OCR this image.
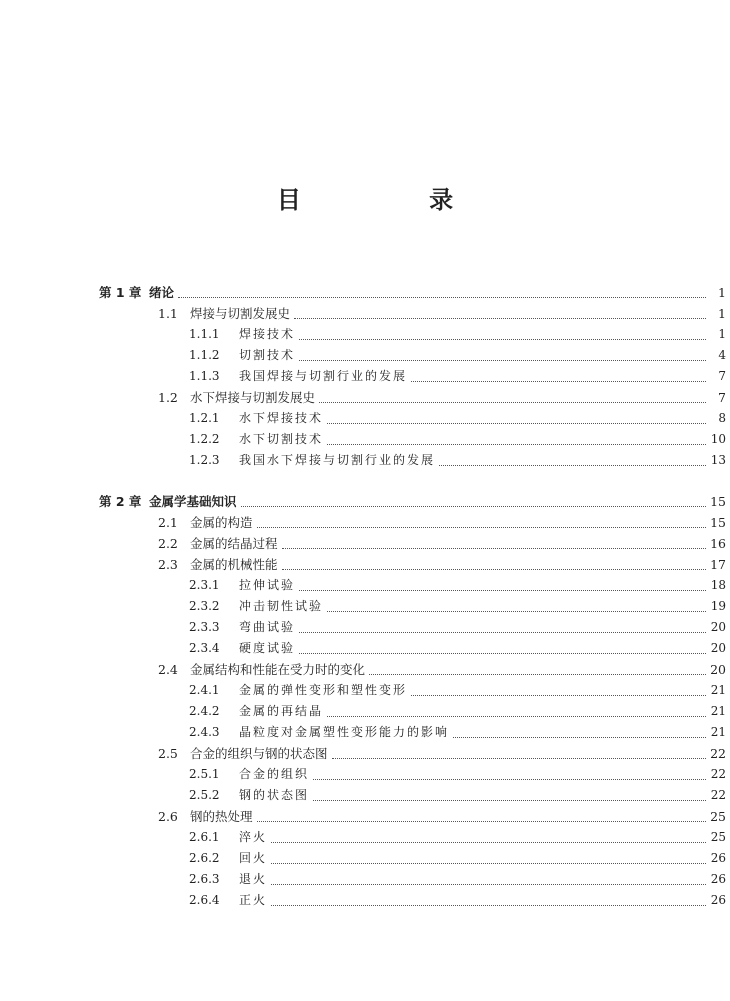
目 录
第 1 章 绪论	1
1.1 焊接与切割发展史	1
1.1.1	焊接技术	1
1.1.2	切割技术	4
1.1.3	我国焊接与切割行业的发展	7
1.2 水下焊接与切割发展史	7
1.2.1	水下焊接技术	8
1.2.2	水下切割技术	10
1.2.3	我国水下焊接与切割行业的发展	13
第 2 章 金属学基础知识	15
2.1 金属的构造	15
2.2 金属的结晶过程	16
2.3 金属的机械性能	17
2.3.1	拉伸试验	18
2.3.2	冲击韧性试验	19
2.3.3	弯曲试验	20
2.3.4	硬度试验	20
2.4 金属结构和性能在受力时的变化	20
2.4.1	金属的弹性变形和塑性变形	21
2.4.2	金属的再结晶	21
2.4.3	晶粒度对金属塑性变形能力的影响	21
2.5 合金的组织与钢的状态图	22
2.5.1	合金的组织	22
2.5.2	钢的状态图	22
2.6 钢的热处理	25
2.6.1	淬火	25
2.6.2	回火	26
2.6.3	退火	26
2.6.4	正火	26
